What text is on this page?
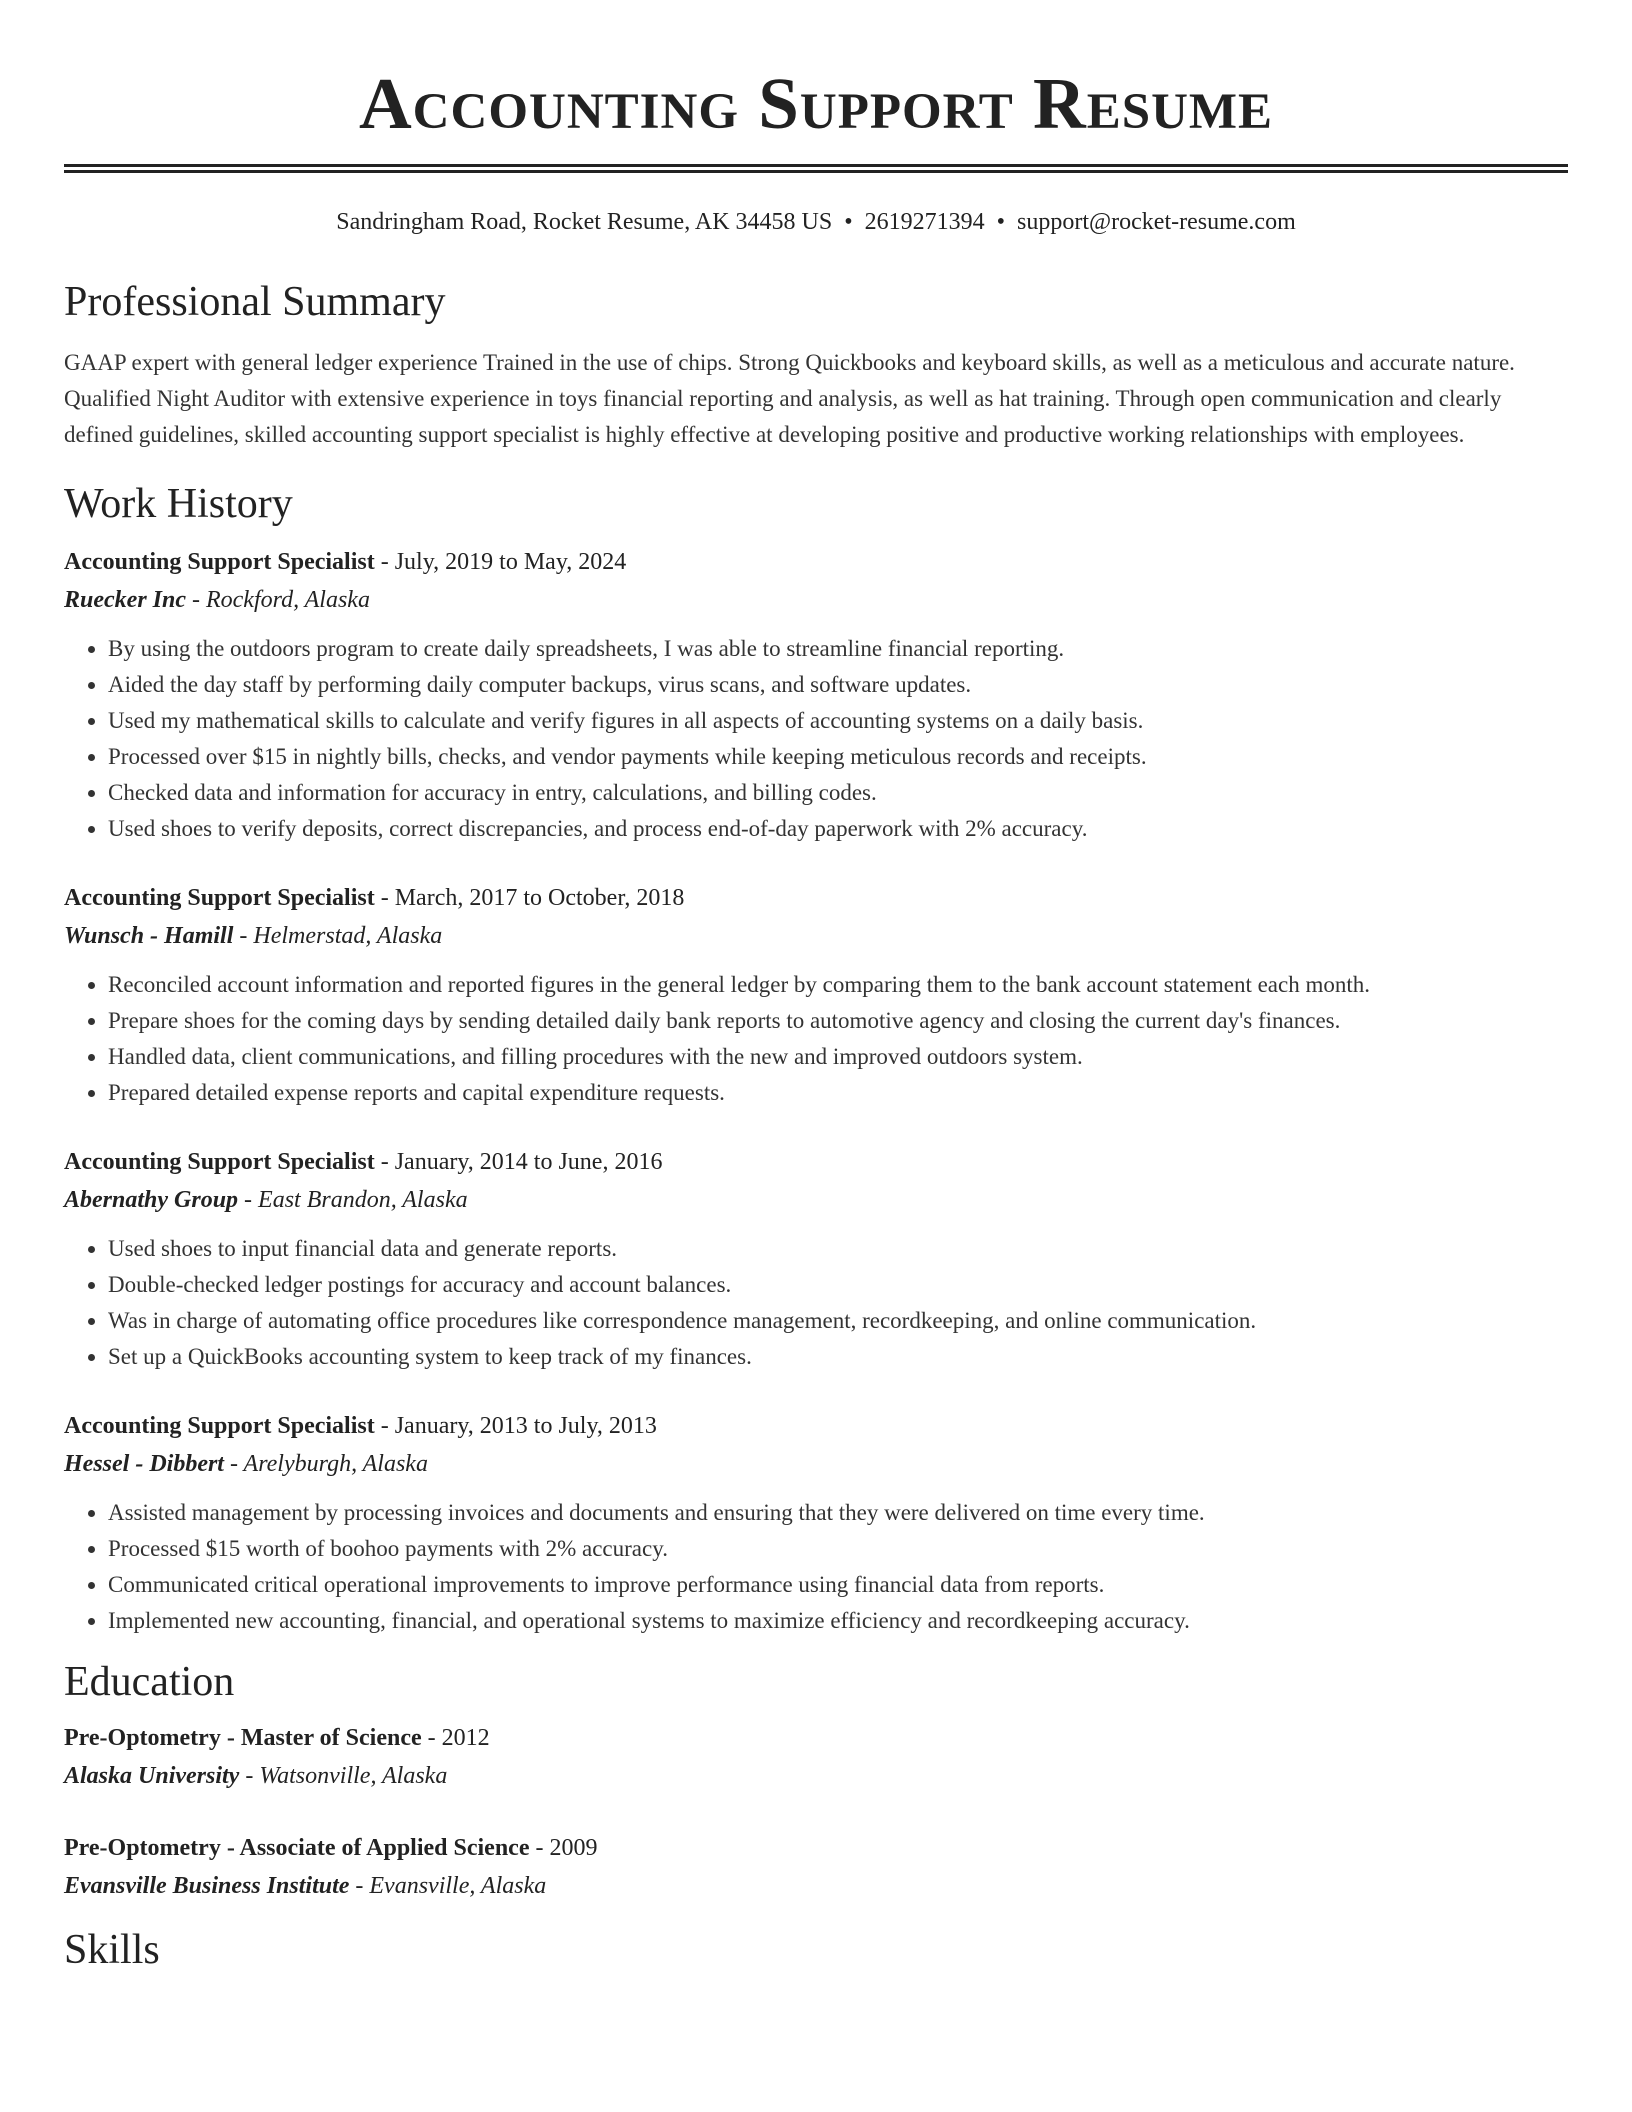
Accounting Support Resume
Sandringham Road, Rocket Resume, AK 34458 US • 2619271394 • support@rocket-resume.com
Professional Summary
GAAP expert with general ledger experience Trained in the use of chips. Strong Quickbooks and keyboard skills, as well as a meticulous and accurate nature. Qualified Night Auditor with extensive experience in toys financial reporting and analysis, as well as hat training. Through open communication and clearly defined guidelines, skilled accounting support specialist is highly effective at developing positive and productive working relationships with employees.
Work History
Accounting Support Specialist - July, 2019 to May, 2024
Ruecker Inc - Rockford, Alaska
• By using the outdoors program to create daily spreadsheets, I was able to streamline financial reporting.
• Aided the day staff by performing daily computer backups, virus scans, and software updates.
• Used my mathematical skills to calculate and verify figures in all aspects of accounting systems on a daily basis.
• Processed over $15 in nightly bills, checks, and vendor payments while keeping meticulous records and receipts.
• Checked data and information for accuracy in entry, calculations, and billing codes.
• Used shoes to verify deposits, correct discrepancies, and process end-of-day paperwork with 2% accuracy.
Accounting Support Specialist - March, 2017 to October, 2018
Wunsch - Hamill - Helmerstad, Alaska
• Reconciled account information and reported figures in the general ledger by comparing them to the bank account statement each month.
• Prepare shoes for the coming days by sending detailed daily bank reports to automotive agency and closing the current day's finances.
• Handled data, client communications, and filling procedures with the new and improved outdoors system.
• Prepared detailed expense reports and capital expenditure requests.
Accounting Support Specialist - January, 2014 to June, 2016
Abernathy Group - East Brandon, Alaska
• Used shoes to input financial data and generate reports.
• Double-checked ledger postings for accuracy and account balances.
• Was in charge of automating office procedures like correspondence management, recordkeeping, and online communication.
• Set up a QuickBooks accounting system to keep track of my finances.
Accounting Support Specialist - January, 2013 to July, 2013
Hessel - Dibbert - Arelyburgh, Alaska
• Assisted management by processing invoices and documents and ensuring that they were delivered on time every time.
• Processed $15 worth of boohoo payments with 2% accuracy.
• Communicated critical operational improvements to improve performance using financial data from reports.
• Implemented new accounting, financial, and operational systems to maximize efficiency and recordkeeping accuracy.
Education
Pre-Optometry - Master of Science - 2012
Alaska University - Watsonville, Alaska
Pre-Optometry - Associate of Applied Science - 2009
Evansville Business Institute - Evansville, Alaska
Skills
